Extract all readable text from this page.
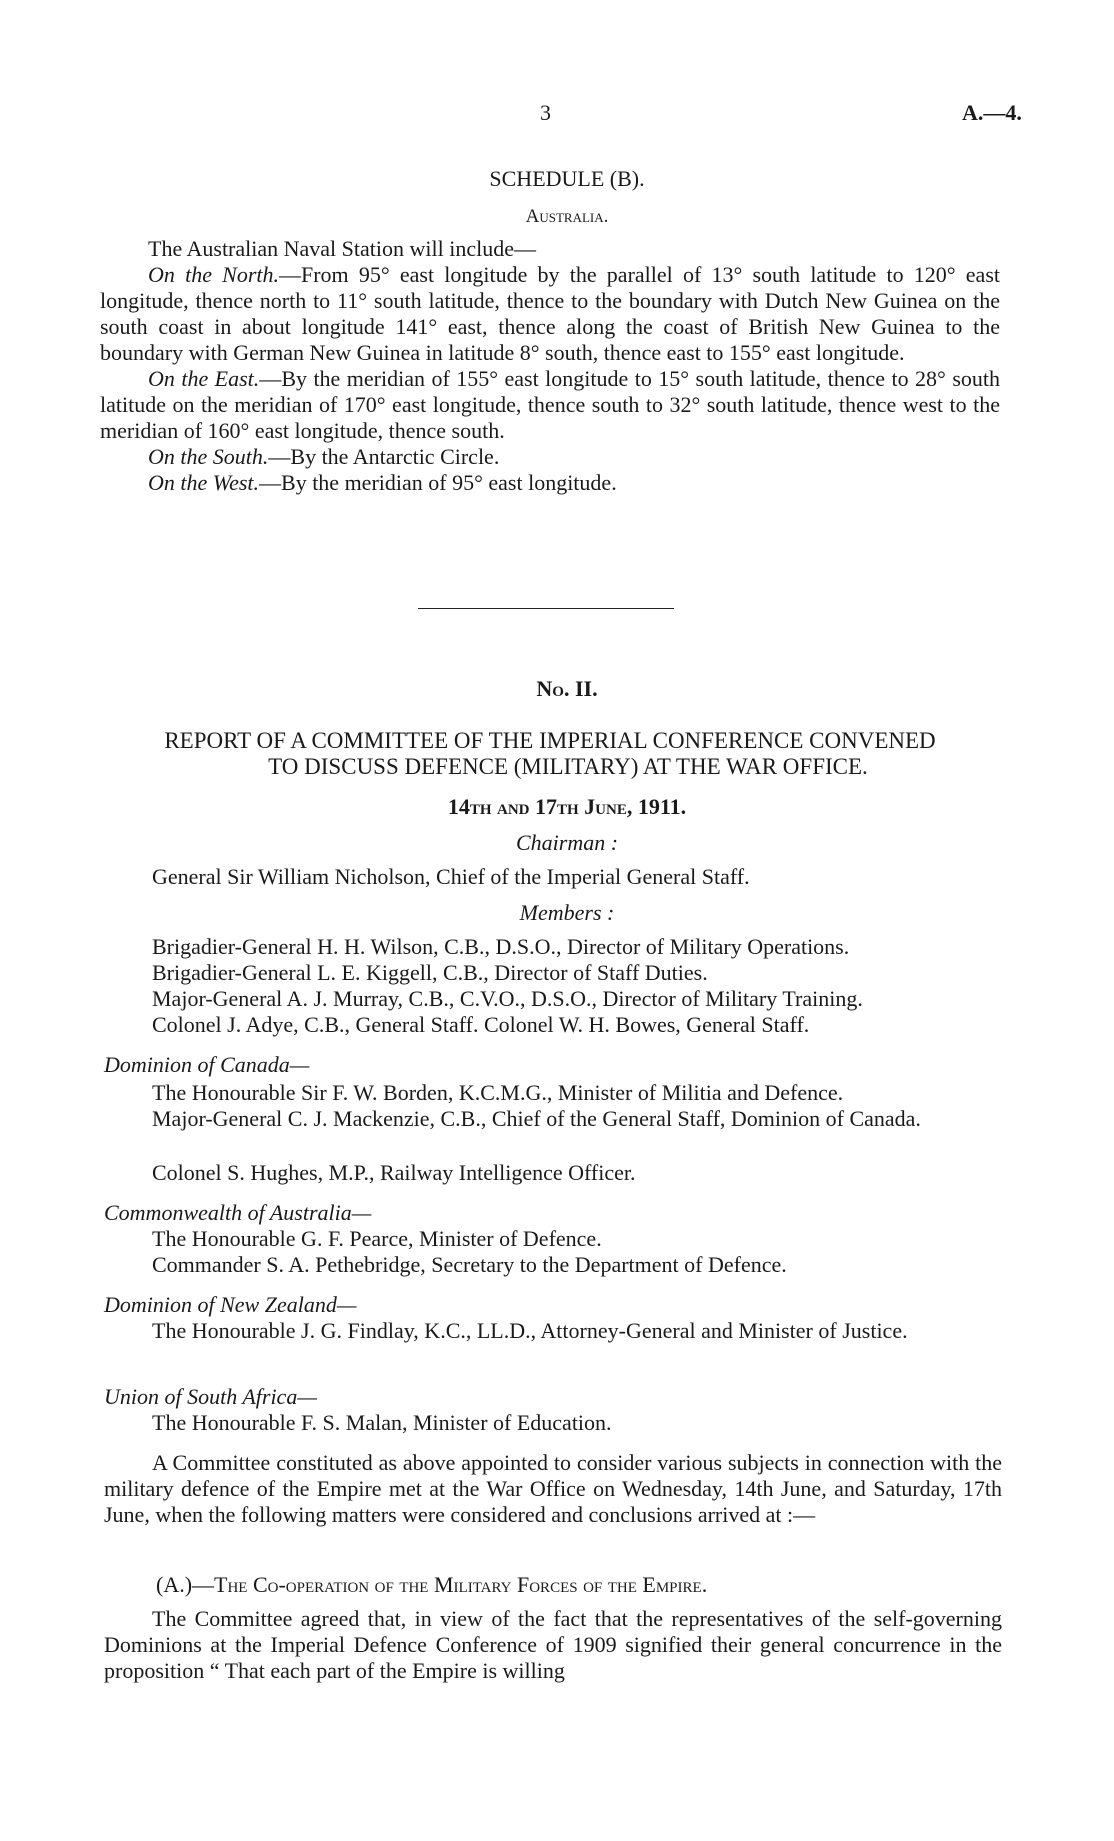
3	A.—4.
SCHEDULE (B).
Australia.

The Australian Naval Station will include—

On the North.—From 95° east longitude by the parallel of 13° south latitude to 120° east longitude, thence north to 11° south latitude, thence to the boundary with Dutch New Guinea on the south coast in about longitude 141° east, thence along the coast of British New Guinea to the boundary with German New Guinea in latitude 8° south, thence east to 155° east longitude.

On the East.—By the meridian of 155° east longitude to 15° south latitude, thence to 28° south latitude on the meridian of 170° east longitude, thence south to 32° south latitude, thence west to the meridian of 160° east longitude, thence south.

On the South.—By the Antarctic Circle.

On the West.—By the meridian of 95° east longitude.

No. II.
REPORT OF A COMMITTEE OF THE IMPERIAL CONFERENCE CONVENED
TO DISCUSS DEFENCE (MILITARY) AT THE WAR OFFICE.
14th and 17th June, 1911.
Chairman :
General Sir William Nicholson, Chief of the Imperial General Staff.
Members :
Brigadier-General H. H. Wilson, C.B., D.S.O., Director of Military Operations.
Brigadier-General L. E. Kiggell, C.B., Director of Staff Duties.
Major-General A. J. Murray, C.B., C.V.O., D.S.O., Director of Military Training.
Colonel J. Adye, C.B., General Staff. Colonel W. H. Bowes, General Staff.
Dominion of Canada—
The Honourable Sir F. W. Borden, K.C.M.G., Minister of Militia and Defence.
Major-General C. J. Mackenzie, C.B., Chief of the General Staff, Dominion of Canada.
Colonel S. Hughes, M.P., Railway Intelligence Officer.
Commonwealth of Australia—
The Honourable G. F. Pearce, Minister of Defence.
Commander S. A. Pethebridge, Secretary to the Department of Defence.
Dominion of New Zealand—
The Honourable J. G. Findlay, K.C., LL.D., Attorney-General and Minister of Justice.
Union of South Africa—
The Honourable F. S. Malan, Minister of Education.

A Committee constituted as above appointed to consider various subjects in connection with the military defence of the Empire met at the War Office on Wednesday, 14th June, and Saturday, 17th June, when the following matters were considered and conclusions arrived at :—

(A.)—The Co-operation of the Military Forces of the Empire.

The Committee agreed that, in view of the fact that the representatives of the self-governing Dominions at the Imperial Defence Conference of 1909 signified their general concurrence in the proposition “ That each part of the Empire is willing
